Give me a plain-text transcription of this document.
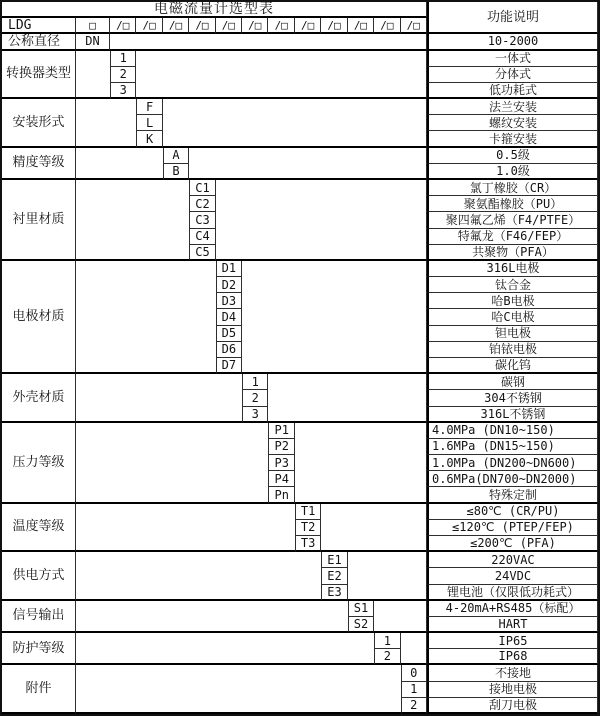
电磁流量计选型表
功能说明
LDG	□
公称直径	DN	10-2000
/□	/□	/□	/□	/□	/□	/□	/□	/□	/□	/□	/□
转换器类型
1	一体式
2	分体式
3	低功耗式
安装形式
F	法兰安装
L	螺纹安装
K	卡箍安装
精度等级
A	0.5级
B	1.0级
衬里材质
C1	氯丁橡胶（CR）
C2	聚氨酯橡胶（PU）
C3	聚四氟乙烯（F4/PTFE）
C4	特氟龙（F46/FEP）
C5	共聚物（PFA）
电极材质
D1	316L电极
D2	钛合金
D3	哈B电极
D4	哈C电极
D5	钽电极
D6	铂铱电极
D7	碳化钨
外壳材质
1	碳钢
2	304不锈钢
3	316L不锈钢
压力等级
P1	4.0MPa (DN10~150)
P2	1.6MPa (DN15~150)
P3	1.0MPa (DN200~DN600)
P4	0.6MPa(DN700~DN2000)
Pn	特殊定制
温度等级
T1	≤80℃ (CR/PU)
T2	≤120℃ (PTEP/FEP)
T3	≤200℃ (PFA)
供电方式
E1	220VAC
E2	24VDC
E3	锂电池（仅限低功耗式）
信号输出
S1	4-20mA+RS485（标配）
S2	HART
防护等级
1	IP65
2	IP68
附件
0	不接地
1	接地电极
2	刮刀电极
